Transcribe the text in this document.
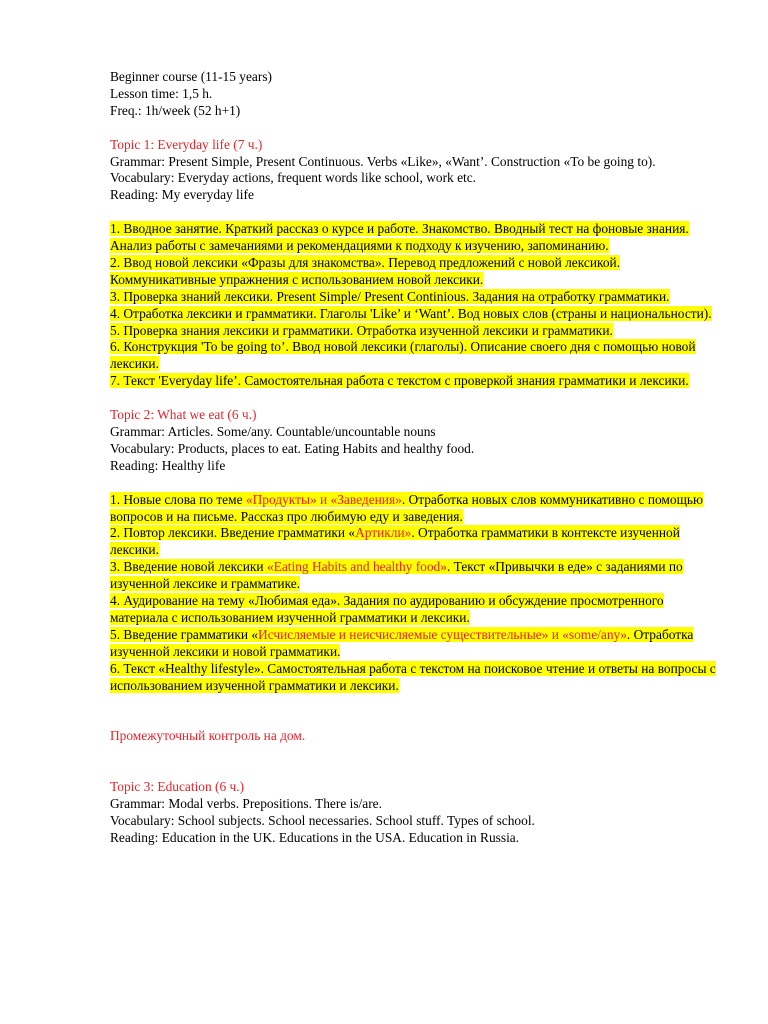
Beginner course (11-15 years)

Lesson time: 1,5 h.

Freq.: 1h/week (52 h+1)

Topic 1: Everyday life (7 ч.)

Grammar: Present Simple, Present Continuous. Verbs «Like», «Want’. Construction «To be going to).

Vocabulary: Everyday actions, frequent words like school, work etc.

Reading: My everyday life

1. Вводное занятие. Краткий рассказ о курсе и работе. Знакомство. Вводный тест на фоновые знания. Анализ работы с замечаниями и рекомендациями к подходу к изучению, запоминанию.

2. Ввод новой лексики «Фразы для знакомства». Перевод предложений с новой лексикой. Коммуникативные упражнения с использованием новой лексики.

3. Проверка знаний лексики. Present Simple/ Present Continious. Задания на отработку грамматики.

4. Отработка лексики и грамматики. Глаголы 'Like’ и ‘Want’. Вод новых слов (страны и национальности).

5. Проверка знания лексики и грамматики. Отработка изученной лексики и грамматики.

6. Конструкция 'To be going to’. Ввод новой лексики (глаголы). Описание своего дня с помощью новой лексики.

7. Текст 'Everyday life’. Самостоятельная работа с текстом с проверкой знания грамматики и лексики.

Topic 2: What we eat (6 ч.)

Grammar: Articles. Some/any. Countable/uncountable nouns

Vocabulary: Products, places to eat. Eating Habits and healthy food.

Reading: Healthy life

1. Новые слова по теме «Продукты» и «Заведения». Отработка новых слов коммуникативно с помощью вопросов и на письме. Рассказ про любимую еду и заведения.

2. Повтор лексики. Введение грамматики «Артикли». Отработка грамматики в контексте изученной лексики.

3. Введение новой лексики «Eating Habits and healthy food». Текст «Привычки в еде» с заданиями по изученной лексике и грамматике.

4. Аудирование на тему «Любимая еда». Задания по аудированию и обсуждение просмотренного материала с использованием изученной грамматики и лексики.

5. Введение грамматики «Исчисляемые и неисчисляемые существительные» и «some/any». Отработка изученной лексики и новой грамматики.

6. Текст «Healthy lifestyle». Самостоятельная работа с текстом на поисковое чтение и ответы на вопросы с использованием изученной грамматики и лексики.

Промежуточный контроль на дом.

Topic 3: Education (6 ч.)

Grammar: Modal verbs. Prepositions. There is/are.

Vocabulary: School subjects. School necessaries. School stuff. Types of school.

Reading: Education in the UK. Educations in the USA. Education in Russia.
